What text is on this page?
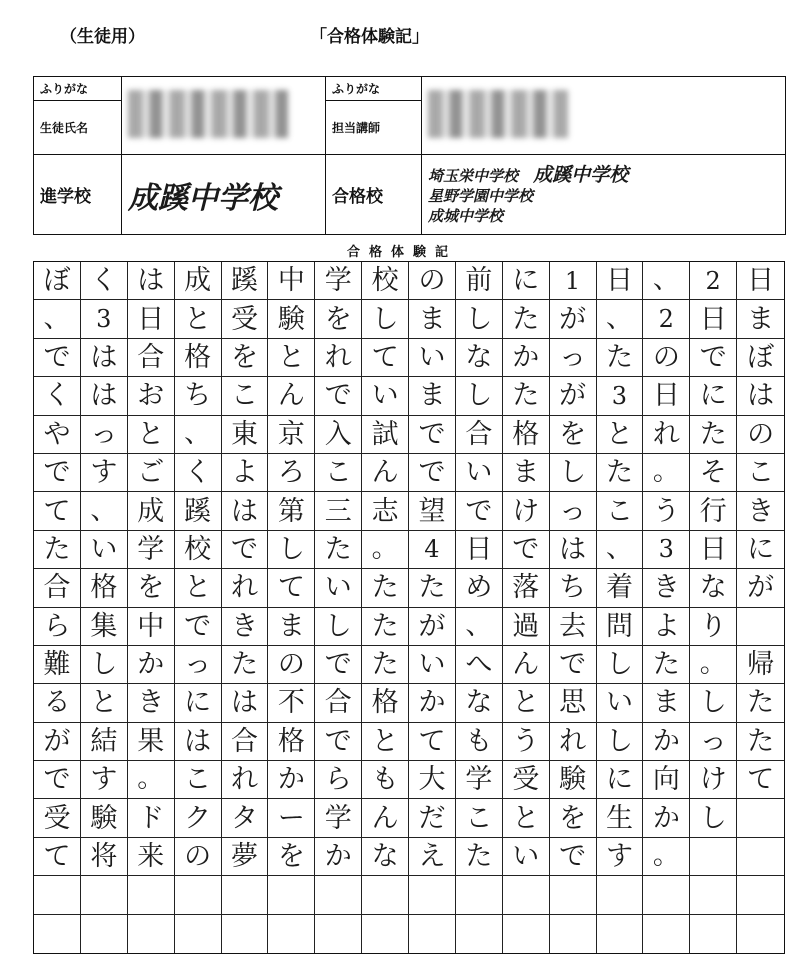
（生徒用）	「合格体験記」
ふりがな		ふりがな	
生徒氏名		担当講師	
進学校	成蹊中学校	合格校	埼玉栄中学校 成蹊中学校
星野学園中学校
成城中学校
合格体験記
ぼ く は 成 蹊 中 学 校 の 前 に	1 日 、	2 日
、	3 日 と 受 験 を し ま し た が 、	2 日 ま
で は 合 格 を と れ て い な か っ た の で ぼ
く は お ち こ ん で い ま し た が	3 日 に は
や っ と 、 東 京 入 試 で 合 格 を と れ た の
で す ご く よ ろ こ ん で い ま し た 。 そ こ
て 、 成 蹊 は 第 三 志 望 で け っ こ う 行 き
た い 学 校 で し た 。	4 日 で は 、	3 日 に
合 格 を と れ て い た た め 落 ち 着 き な が
ら 集 中 で き ま し た が 、 過 去 問 よ り
難 し か っ た の で た い へ ん で し た 。 帰
る と き に は 不 合 格 か な と 思 い ま し た
が 結 果 は 合 格 で と て も う れ し か っ た
で す 。 こ れ か ら も 大 学 受 験 に 向 け て
受 験 ド ク タ ー 学 ん だ こ と を 生 か し
て 将 来 の 夢 を か な え た い で す 。
